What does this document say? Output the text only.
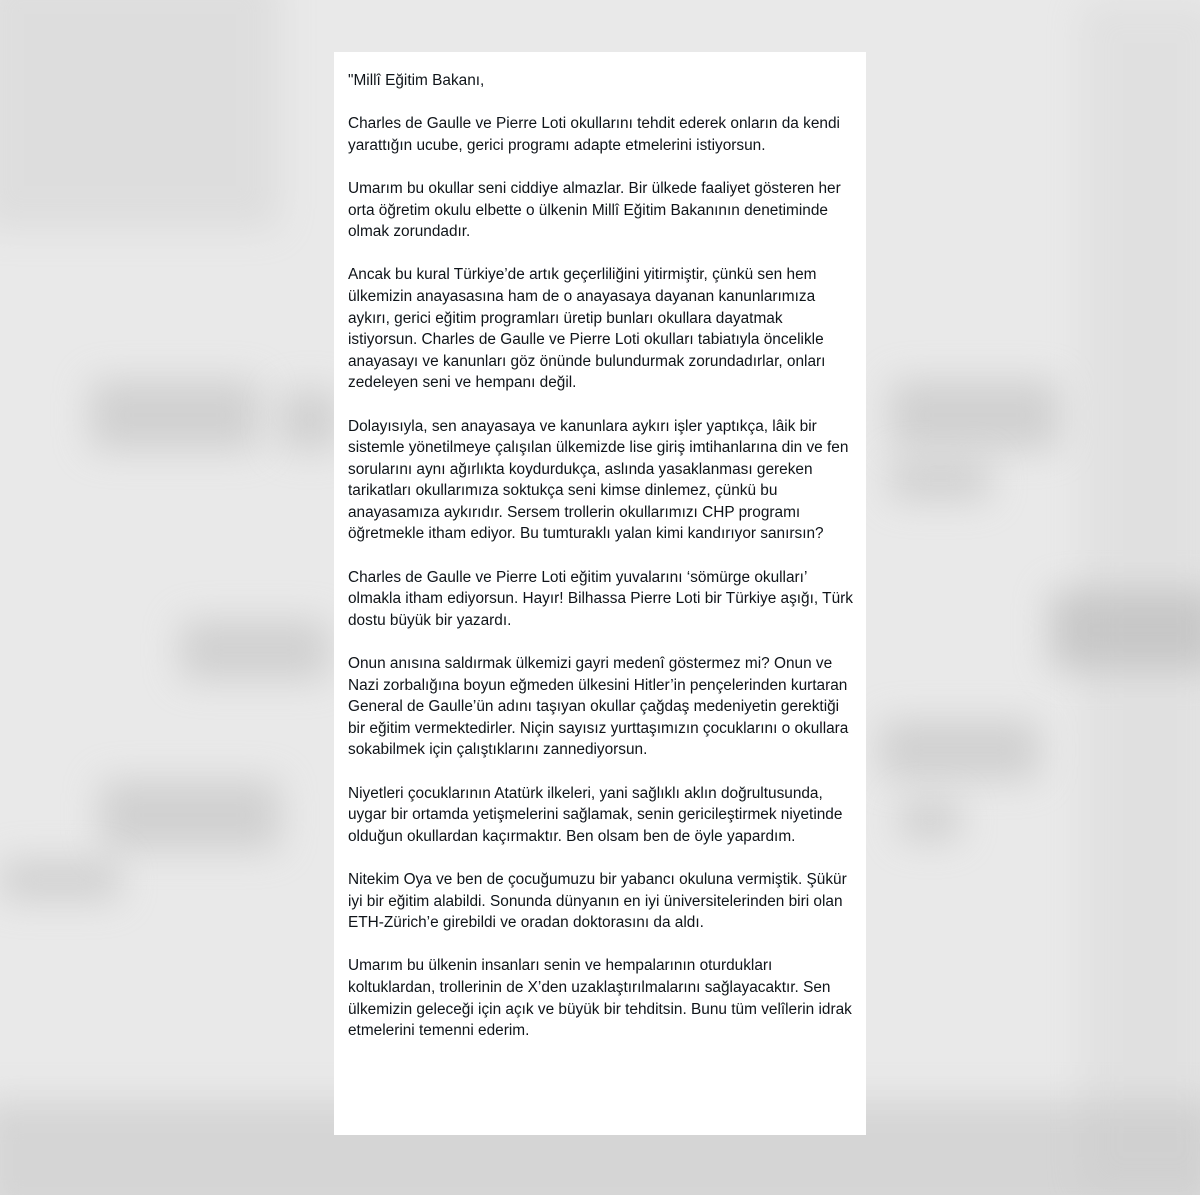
"Millî Eğitim Bakanı,

Charles de Gaulle ve Pierre Loti okullarını tehdit ederek onların da kendi yarattığın ucube, gerici programı adapte etmelerini istiyorsun.

Umarım bu okullar seni ciddiye almazlar. Bir ülkede faaliyet gösteren her orta öğretim okulu elbette o ülkenin Millî Eğitim Bakanının denetiminde olmak zorundadır.

Ancak bu kural Türkiye’de artık geçerliliğini yitirmiştir, çünkü sen hem ülkemizin anayasasına ham de o anayasaya dayanan kanunlarımıza aykırı, gerici eğitim programları üretip bunları okullara dayatmak istiyorsun. Charles de Gaulle ve Pierre Loti okulları tabiatıyla öncelikle anayasayı ve kanunları göz önünde bulundurmak zorundadırlar, onları zedeleyen seni ve hempanı değil.

Dolayısıyla, sen anayasaya ve kanunlara aykırı işler yaptıkça, lâik bir sistemle yönetilmeye çalışılan ülkemizde lise giriş imtihanlarına din ve fen sorularını aynı ağırlıkta koydurdukça, aslında yasaklanması gereken tarikatları okullarımıza soktukça seni kimse dinlemez, çünkü bu anayasamıza aykırıdır. Sersem trollerin okullarımızı CHP programı öğretmekle itham ediyor. Bu tumturaklı yalan kimi kandırıyor sanırsın?

Charles de Gaulle ve Pierre Loti eğitim yuvalarını ‘sömürge okulları’ olmakla itham ediyorsun. Hayır! Bilhassa Pierre Loti bir Türkiye aşığı, Türk dostu büyük bir yazardı.

Onun anısına saldırmak ülkemizi gayri medenî göstermez mi? Onun ve Nazi zorbalığına boyun eğmeden ülkesini Hitler’in pençelerinden kurtaran General de Gaulle’ün adını taşıyan okullar çağdaş medeniyetin gerektiği bir eğitim vermektedirler. Niçin sayısız yurttaşımızın çocuklarını o okullara sokabilmek için çalıştıklarını zannediyorsun.

Niyetleri çocuklarının Atatürk ilkeleri, yani sağlıklı aklın doğrultusunda, uygar bir ortamda yetişmelerini sağlamak, senin gericileştirmek niyetinde olduğun okullardan kaçırmaktır. Ben olsam ben de öyle yapardım.

Nitekim Oya ve ben de çocuğumuzu bir yabancı okuluna vermiştik. Şükür iyi bir eğitim alabildi. Sonunda dünyanın en iyi üniversitelerinden biri olan ETH-Zürich’e girebildi ve oradan doktorasını da aldı.

Umarım bu ülkenin insanları senin ve hempalarının oturdukları koltuklardan, trollerinin de X’den uzaklaştırılmalarını sağlayacaktır. Sen ülkemizin geleceği için açık ve büyük bir tehditsin. Bunu tüm velîlerin idrak etmelerini temenni ederim.
